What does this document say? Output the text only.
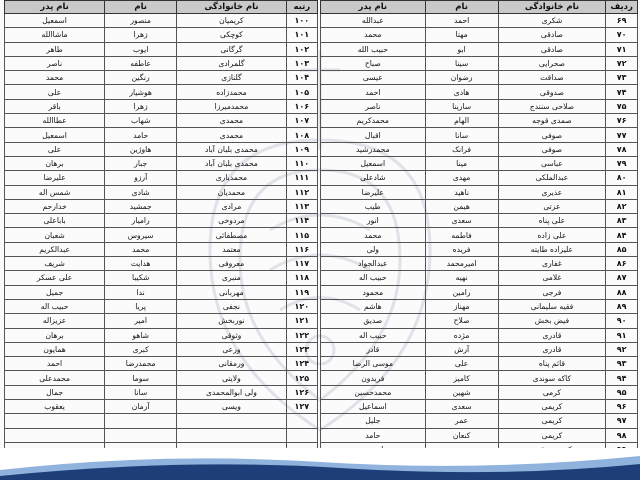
ردیف	نام خانوادگی	نام	نام پدر
۶۹	شکری	احمد	عبدالله
۷۰	صادقی	مهتا	محمد
۷۱	صادقی	ابو	حبیب الله
۷۲	صحرایی	سینا	صباح
۷۳	صداقت	رضوان	عیسی
۷۴	صدوقی	هادی	احمد
۷۵	صلاحی سنندج	سارینا	ناصر
۷۶	صمدی قوجه	الهام	محمدکریم
۷۷	صوفی	سانا	اقبال
۷۸	صوفی	فرانک	محمدرشید
۷۹	عباسی	مینا	اسمعیل
۸۰	عبدالملکی	مهدی	شادعلی
۸۱	عذیری	ناهید	علیرضا
۸۲	عزتی	هیمن	طیب
۸۳	علی پناه	سعدی	انور
۸۴	علی زاده	فاطمه	محمد
۸۵	علیزاده طایته	فریده	ولی
۸۶	غفاری	امیرمحمد	عبدالجواد
۸۷	غلامی	نهیه	حبیب اله
۸۸	فرجی	رامین	محمود
۸۹	فقیه سلیمانی	مهناز	هاشم
۹۰	فیض بخش	صلاح	صدیق
۹۱	قادری	مژده	حبیب اله
۹۲	قادری	آرش	قادر
۹۳	قائم پناه	علی	موسی الرضا
۹۴	کاکه سوندی	کامیز	فریدون
۹۵	کرمی	شهین	محمدحسین
۹۶	کریمی	سعدی	اسماعیل
۹۷	کریمی	عمر	جلیل
۹۸	کریمی	کنعان	حامد

رتبه	نام خانوادگی	نام	نام پدر
۱۰۰	کریمیان	منصور	اسمعیل
۱۰۱	کوچکی	زهرا	ماشاالله
۱۰۲	گرگانی	ایوب	طاهر
۱۰۳	گلمرادی	عاطفه	ناصر
۱۰۴	گلنازی	رنگین	محمد
۱۰۵	محمدزاده	هوشیار	علی
۱۰۶	محمدمیرزا	زهرا	باقر
۱۰۷	محمدی	شهاب	عطاالله
۱۰۸	محمدی	حامد	اسمعیل
۱۰۹	محمدی بلبان آباد	هاوژین	علی
۱۱۰	محمدی بلبان آباد	جبار	برهان
۱۱۱	محمدیاری	آرزو	علیرضا
۱۱۲	محمدیان	شادی	شمس اله
۱۱۳	مرادی	جمشید	خدارحم
۱۱۴	مردوخی	رامیار	باباعلی
۱۱۵	مصطفائی	سیروس	شعبان
۱۱۶	معتمد	محمد	عبدالکریم
۱۱۷	معروفی	هدایت	شریف
۱۱۸	منبری	شکیبا	علی عسکر
۱۱۹	مهربانی	ندا	جمیل
۱۲۰	نجفی	پریا	حبیب اله
۱۲۱	نوربخش	امیر	عزیزاله
۱۲۲	وثوقی	شاهو	برهان
۱۲۳	ورعی	کبری	همایون
۱۲۴	ورمقانی	محمدرضا	احمد
۱۲۵	ولایتی	سوما	محمدعلی
۱۲۶	ولی ابوالمحمدی	سانا	جمال
۱۲۷	ویسی	آرمان	یعقوب
